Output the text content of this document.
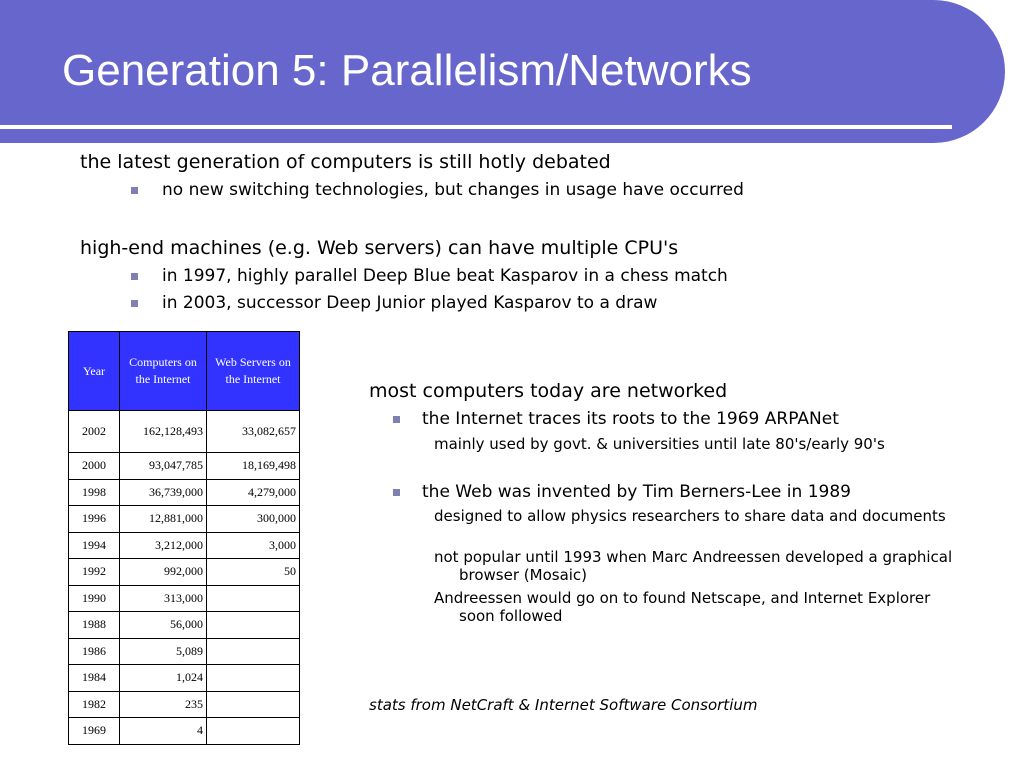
Generation 5: Parallelism/Networks
the latest generation of computers is still hotly debated
no new switching technologies, but changes in usage have occurred
high-end machines (e.g. Web servers) can have multiple CPU's
in 1997, highly parallel Deep Blue beat Kasparov in a chess match
in 2003, successor Deep Junior played Kasparov to a draw
Year	Computers on the Internet	Web Servers on the Internet
2002	162,128,493	33,082,657
2000	93,047,785	18,169,498
1998	36,739,000	4,279,000
1996	12,881,000	300,000
1994	3,212,000	3,000
1992	992,000	50
1990	313,000	
1988	56,000	
1986	5,089	
1984	1,024	
1982	235	
1969	4	
most computers today are networked
the Internet traces its roots to the 1969 ARPANet
mainly used by govt. & universities until late 80's/early 90's
the Web was invented by Tim Berners-Lee in 1989
designed to allow physics researchers to share data and documents
not popular until 1993 when Marc Andreessen developed a graphical browser (Mosaic)
Andreessen would go on to found Netscape, and Internet Explorer soon followed
stats from NetCraft & Internet Software Consortium
